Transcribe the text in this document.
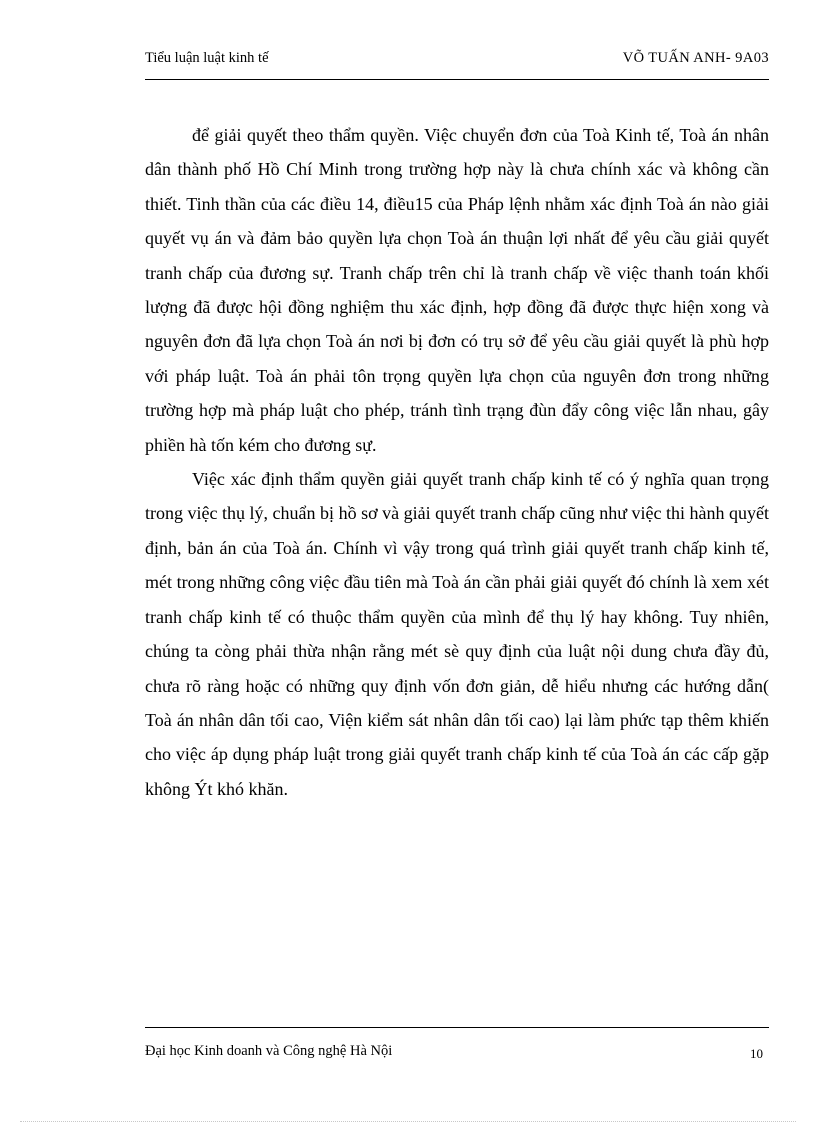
Tiểu luận luật kinh tế	VÕ TUẤN ANH- 9A03

để giải quyết theo thẩm quyền. Việc chuyển đơn của Toà Kinh tế, Toà án nhân dân thành phố Hồ Chí Minh trong trường hợp này là chưa chính xác và không cần thiết. Tinh thần của các điều 14, điều15 của Pháp lệnh nhằm xác định Toà án nào giải quyết vụ án và đảm bảo quyền lựa chọn Toà án thuận lợi nhất để yêu cầu giải quyết tranh chấp của đương sự. Tranh chấp trên chỉ là tranh chấp về việc thanh toán khối lượng đã được hội đồng nghiệm thu xác định, hợp đồng đã được thực hiện xong và nguyên đơn đã lựa chọn Toà án nơi bị đơn có trụ sở để yêu cầu giải quyết là phù hợp với pháp luật. Toà án phải tôn trọng quyền lựa chọn của nguyên đơn trong những trường hợp mà pháp luật cho phép, tránh tình trạng đùn đẩy công việc lẫn nhau, gây phiền hà tốn kém cho đương sự.

Việc xác định thẩm quyền giải quyết tranh chấp kinh tế có ý nghĩa quan trọng trong việc thụ lý, chuẩn bị hồ sơ và giải quyết tranh chấp cũng như việc thi hành quyết định, bản án của Toà án. Chính vì vậy trong quá trình giải quyết tranh chấp kinh tế, mét trong những công việc đầu tiên mà Toà án cần phải giải quyết đó chính là xem xét tranh chấp kinh tế có thuộc thẩm quyền của mình để thụ lý hay không. Tuy nhiên, chúng ta còng phải thừa nhận rằng mét sè quy định của luật nội dung chưa đầy đủ, chưa rõ ràng hoặc có những quy định vốn đơn giản, dễ hiểu nhưng các hướng dẫn( Toà án nhân dân tối cao, Viện kiểm sát nhân dân tối cao) lại làm phức tạp thêm khiến cho việc áp dụng pháp luật trong giải quyết tranh chấp kinh tế của Toà án các cấp gặp không Ýt khó khăn.

Đại học Kinh doanh và Công nghệ Hà Nội	10
